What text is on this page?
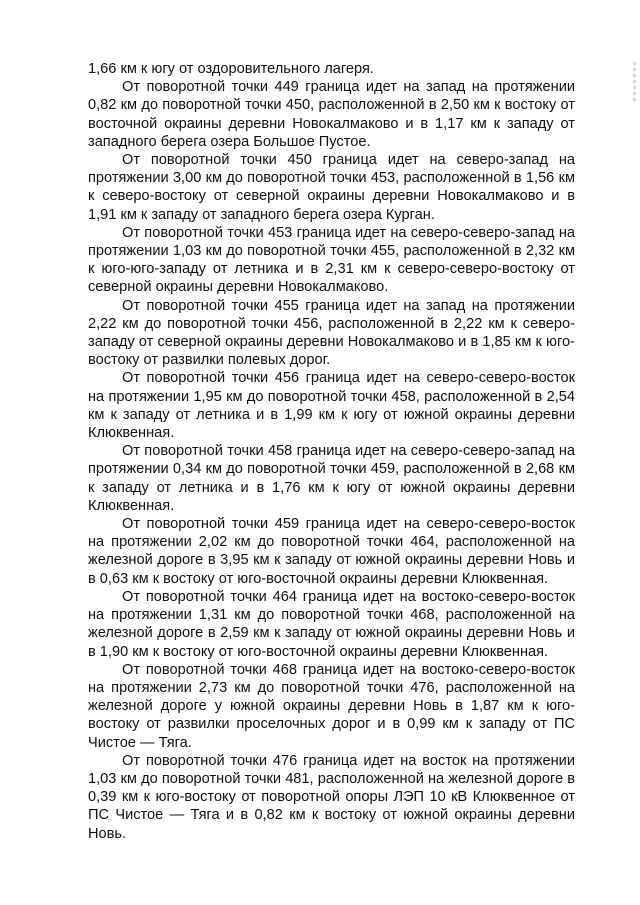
1,66 км к югу от оздоровительного лагеря.

От поворотной точки 449 граница идет на запад на протяжении 0,82 км до поворотной точки 450, расположенной в 2,50 км к востоку от восточной окраины деревни Новокалмаково и в 1,17 км к западу от западного берега озера Большое Пустое.

От поворотной точки 450 граница идет на северо-запад на протяжении 3,00 км до поворотной точки 453, расположенной в 1,56 км к северо-востоку от северной окраины деревни Новокалмаково и в 1,91 км к западу от западного берега озера Курган.

От поворотной точки 453 граница идет на северо-северо-запад на протяжении 1,03 км до поворотной точки 455, расположенной в 2,32 км к юго-юго-западу от летника и в 2,31 км к северо-северо-востоку от северной окраины деревни Новокалмаково.

От поворотной точки 455 граница идет на запад на протяжении 2,22 км до поворотной точки 456, расположенной в 2,22 км к северо-западу от северной окраины деревни Новокалмаково и в 1,85 км к юго-востоку от развилки полевых дорог.

От поворотной точки 456 граница идет на северо-северо-восток на протяжении 1,95 км до поворотной точки 458, расположенной в 2,54 км к западу от летника и в 1,99 км к югу от южной окраины деревни Клюквенная.

От поворотной точки 458 граница идет на северо-северо-запад на протяжении 0,34 км до поворотной точки 459, расположенной в 2,68 км к западу от летника и в 1,76 км к югу от южной окраины деревни Клюквенная.

От поворотной точки 459 граница идет на северо-северо-восток на протяжении 2,02 км до поворотной точки 464, расположенной на железной дороге в 3,95 км к западу от южной окраины деревни Новь и в 0,63 км к востоку от юго-восточной окраины деревни Клюквенная.

От поворотной точки 464 граница идет на востоко-северо-восток на протяжении 1,31 км до поворотной точки 468, расположенной на железной дороге в 2,59 км к западу от южной окраины деревни Новь и в 1,90 км к востоку от юго-восточной окраины деревни Клюквенная.

От поворотной точки 468 граница идет на востоко-северо-восток на протяжении 2,73 км до поворотной точки 476, расположенной на железной дороге у южной окраины деревни Новь в 1,87 км к юго-востоку от развилки проселочных дорог и в 0,99 км к западу от ПС Чистое — Тяга.

От поворотной точки 476 граница идет на восток на протяжении 1,03 км до поворотной точки 481, расположенной на железной дороге в 0,39 км к юго-востоку от поворотной опоры ЛЭП 10 кВ Клюквенное от ПС Чистое — Тяга и в 0,82 км к востоку от южной окраины деревни Новь.
